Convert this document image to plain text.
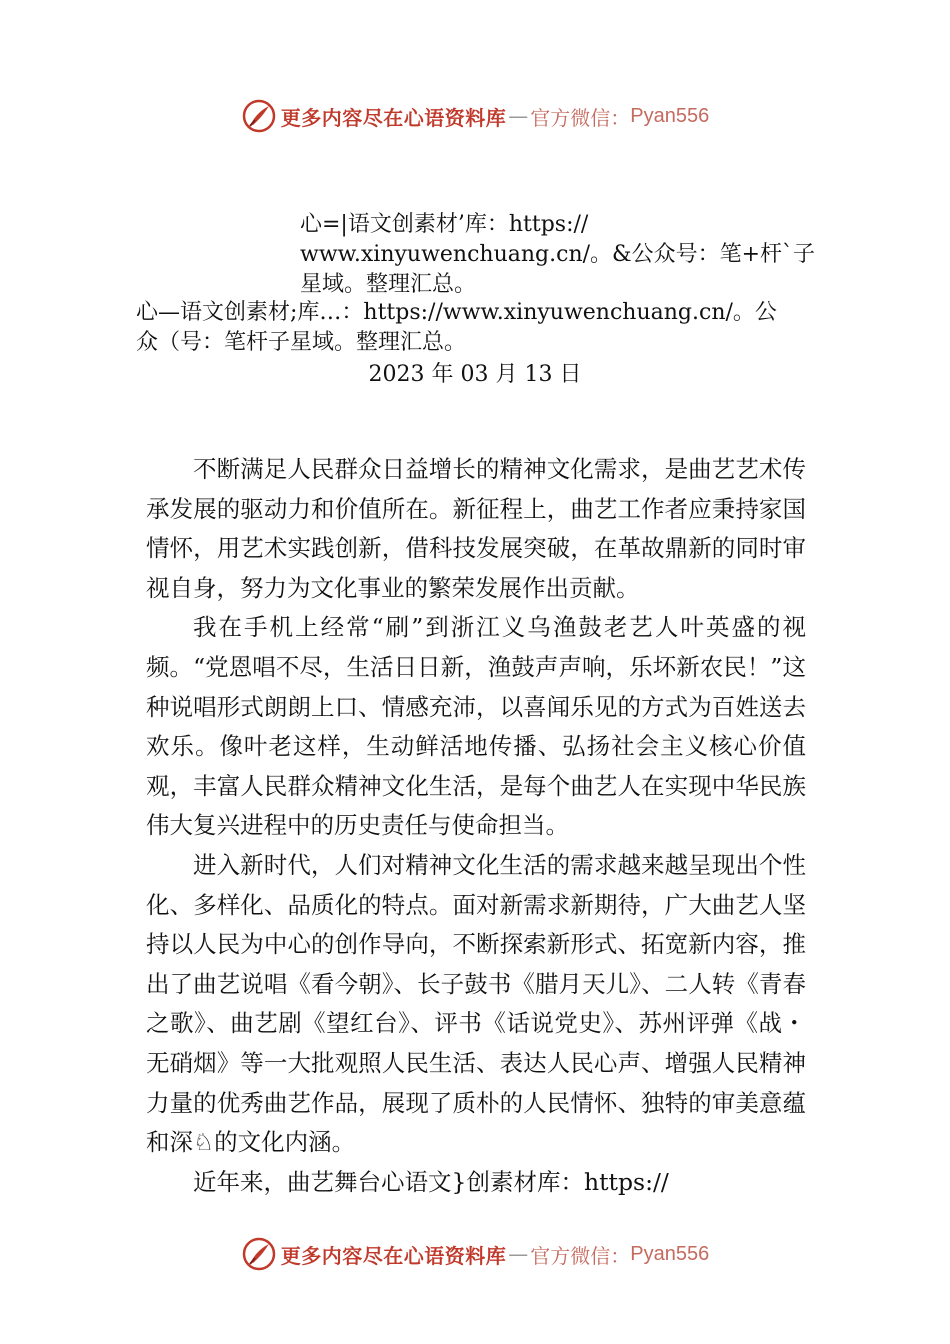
更多内容尽在心语资料库 — 官方微信： Pyan556
心=|语文创素材’库：https://
www.xinyuwenchuang.cn/。&公众号：笔+杆`子
星域。整理汇总。
心—语文创素材;库…：https://www.xinyuwenchuang.cn/。公
众（号：笔杆子星域。整理汇总。
2023 年 03 月 13 日

不断满足人民群众日益增长的精神文化需求，是曲艺艺术传承发展的驱动力和价值所在。新征程上，曲艺工作者应秉持家国情怀，用艺术实践创新，借科技发展突破，在革故鼎新的同时审视自身，努力为文化事业的繁荣发展作出贡献。

我在手机上经常“刷”到浙江义乌渔鼓老艺人叶英盛的视频。“党恩唱不尽，生活日日新，渔鼓声声响，乐坏新农民！”这种说唱形式朗朗上口、情感充沛，以喜闻乐见的方式为百姓送去欢乐。像叶老这样，生动鲜活地传播、弘扬社会主义核心价值观，丰富人民群众精神文化生活，是每个曲艺人在实现中华民族伟大复兴进程中的历史责任与使命担当。

进入新时代，人们对精神文化生活的需求越来越呈现出个性化、多样化、品质化的特点。面对新需求新期待，广大曲艺人坚持以人民为中心的创作导向，不断探索新形式、拓宽新内容，推出了曲艺说唱《看今朝》、长子鼓书《腊月天儿》、二人转《青春之歌》、曲艺剧《望红台》、评书《话说党史》、苏州评弹《战・无硝烟》等一大批观照人民生活、表达人民心声、增强人民精神力量的优秀曲艺作品，展现了质朴的人民情怀、独特的审美意蕴和深♘的文化内涵。

近年来，曲艺舞台心语文}创素材库：https://

更多内容尽在心语资料库 — 官方微信： Pyan556
